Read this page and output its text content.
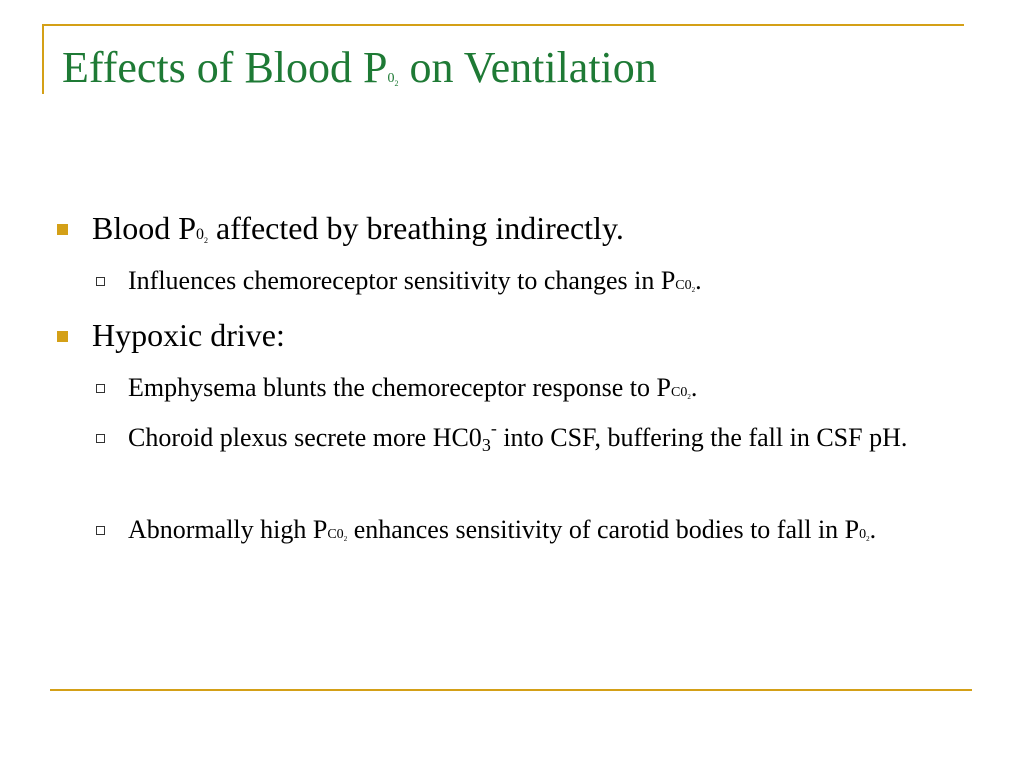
Effects of Blood P02 on Ventilation
Blood P02 affected by breathing indirectly.
Influences chemoreceptor sensitivity to changes in PC02.
Hypoxic drive:
Emphysema blunts the chemoreceptor response to PC02.
Choroid plexus secrete more $HC0_3^-$ into CSF, buffering the fall in CSF pH.
Abnormally high PC02 enhances sensitivity of carotid bodies to fall in P02.
